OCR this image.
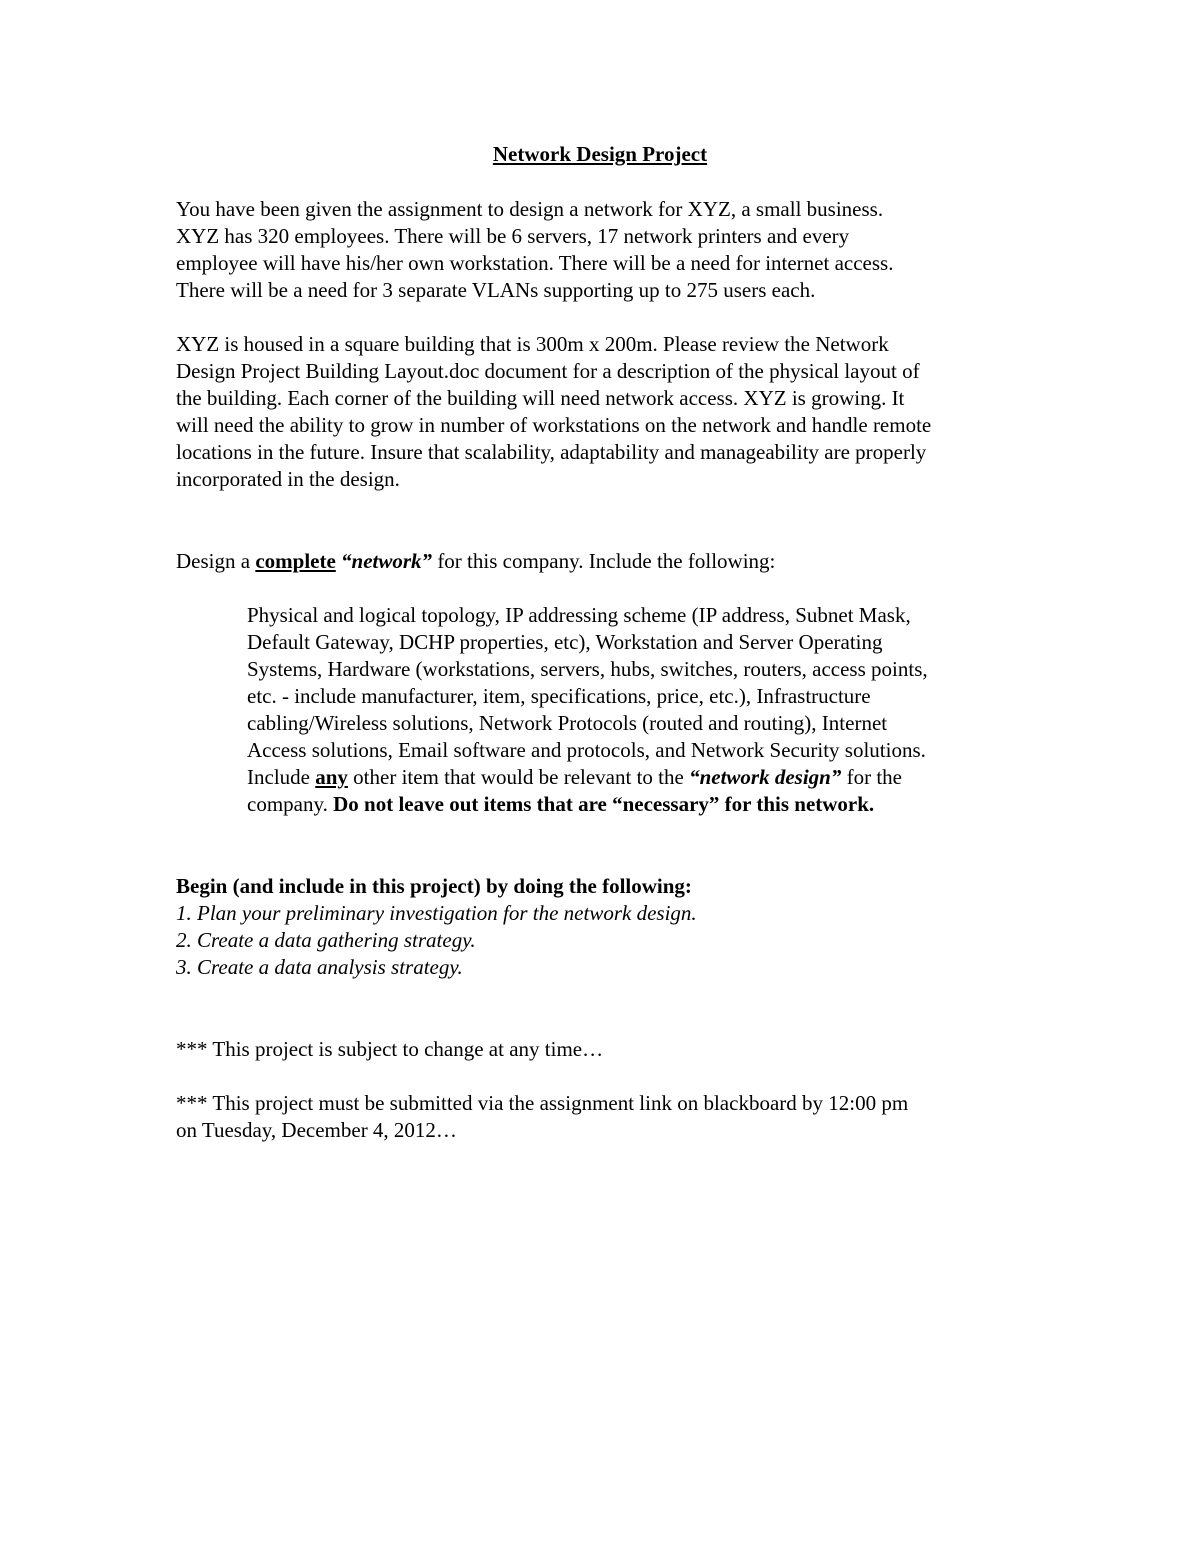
Network Design Project

You have been given the assignment to design a network for XYZ, a small business.
XYZ has 320 employees. There will be 6 servers, 17 network printers and every
employee will have his/her own workstation. There will be a need for internet access.
There will be a need for 3 separate VLANs supporting up to 275 users each.

XYZ is housed in a square building that is 300m x 200m. Please review the Network
Design Project Building Layout.doc document for a description of the physical layout of
the building. Each corner of the building will need network access. XYZ is growing. It
will need the ability to grow in number of workstations on the network and handle remote
locations in the future. Insure that scalability, adaptability and manageability are properly
incorporated in the design.

Design a complete “network” for this company. Include the following:

Physical and logical topology, IP addressing scheme (IP address, Subnet Mask,
Default Gateway, DCHP properties, etc), Workstation and Server Operating
Systems, Hardware (workstations, servers, hubs, switches, routers, access points,
etc. - include manufacturer, item, specifications, price, etc.), Infrastructure
cabling/Wireless solutions, Network Protocols (routed and routing), Internet
Access solutions, Email software and protocols, and Network Security solutions.
Include any other item that would be relevant to the “network design” for the
company. Do not leave out items that are “necessary” for this network.

Begin (and include in this project) by doing the following:
1. Plan your preliminary investigation for the network design.
2. Create a data gathering strategy.
3. Create a data analysis strategy.

*** This project is subject to change at any time…

*** This project must be submitted via the assignment link on blackboard by 12:00 pm
on Tuesday, December 4, 2012…
